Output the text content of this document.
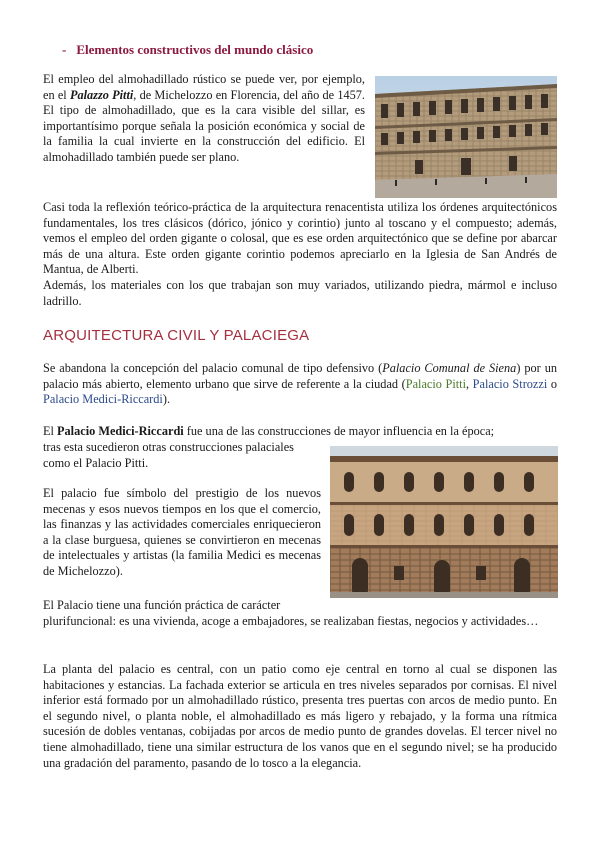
- Elementos constructivos del mundo clásico

El empleo del almohadillado rústico se puede ver, por ejemplo, en el Palazzo Pitti, de Michelozzo en Florencia, del año de 1457. El tipo de almohadillado, que es la cara visible del sillar, es importantísimo porque señala la posición económica y social de la familia la cual invierte en la construcción del edificio. El almohadillado también puede ser plano.

Casi toda la reflexión teórico-práctica de la arquitectura renacentista utiliza los órdenes arquitectónicos fundamentales, los tres clásicos (dórico, jónico y corintio) junto al toscano y el compuesto; además, vemos el empleo del orden gigante o colosal, que es ese orden arquitectónico que se define por abarcar más de una altura. Este orden gigante corintio podemos apreciarlo en la Iglesia de San Andrés de Mantua, de Alberti.
Además, los materiales con los que trabajan son muy variados, utilizando piedra, mármol e incluso ladrillo.

ARQUITECTURA CIVIL Y PALACIEGA

Se abandona la concepción del palacio comunal de tipo defensivo (Palacio Comunal de Siena) por un palacio más abierto, elemento urbano que sirve de referente a la ciudad (Palacio Pitti, Palacio Strozzi o Palacio Medici-Riccardi).

El Palacio Medici-Riccardi fue una de las construcciones de mayor influencia en la época;

tras esta sucedieron otras construcciones palaciales como el Palacio Pitti.

El palacio fue símbolo del prestigio de los nuevos mecenas y esos nuevos tiempos en los que el comercio, las finanzas y las actividades comerciales enriquecieron a la clase burguesa, quienes se convirtieron en mecenas de intelectuales y artistas (la familia Medici es mecenas de Michelozzo).

El Palacio tiene una función práctica de carácter

plurifuncional: es una vivienda, acoge a embajadores, se realizaban fiestas, negocios y actividades…

La planta del palacio es central, con un patio como eje central en torno al cual se disponen las habitaciones y estancias. La fachada exterior se articula en tres niveles separados por cornisas. El nivel inferior está formado por un almohadillado rústico, presenta tres puertas con arcos de medio punto. En el segundo nivel, o planta noble, el almohadillado es más ligero y rebajado, y la forma una rítmica sucesión de dobles ventanas, cobijadas por arcos de medio punto de grandes dovelas. El tercer nivel no tiene almohadillado, tiene una similar estructura de los vanos que en el segundo nivel; se ha producido una gradación del paramento, pasando de lo tosco a la elegancia.
